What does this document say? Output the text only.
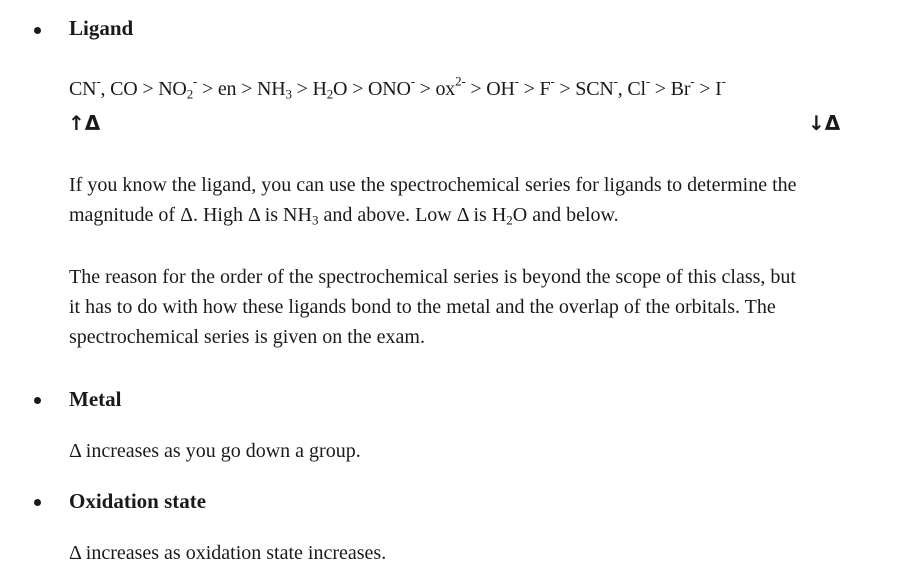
Ligand
CN-, CO > $NO_2^-$ > en > $NH_3 > H_2O > ONO^- > ox^{2-} > OH^- > F^- > SCN^-$, Cl- > Br- > I-
↑Δ	↓Δ
If you know the ligand, you can use the spectrochemical series for ligands to determine the
magnitude of Δ. High Δ is $NH_3$ and above. Low Δ is $H_2O$ and below.
The reason for the order of the spectrochemical series is beyond the scope of this class, but
it has to do with how these ligands bond to the metal and the overlap of the orbitals. The
spectrochemical series is given on the exam.
Metal
Δ increases as you go down a group.
Oxidation state
Δ increases as oxidation state increases.
